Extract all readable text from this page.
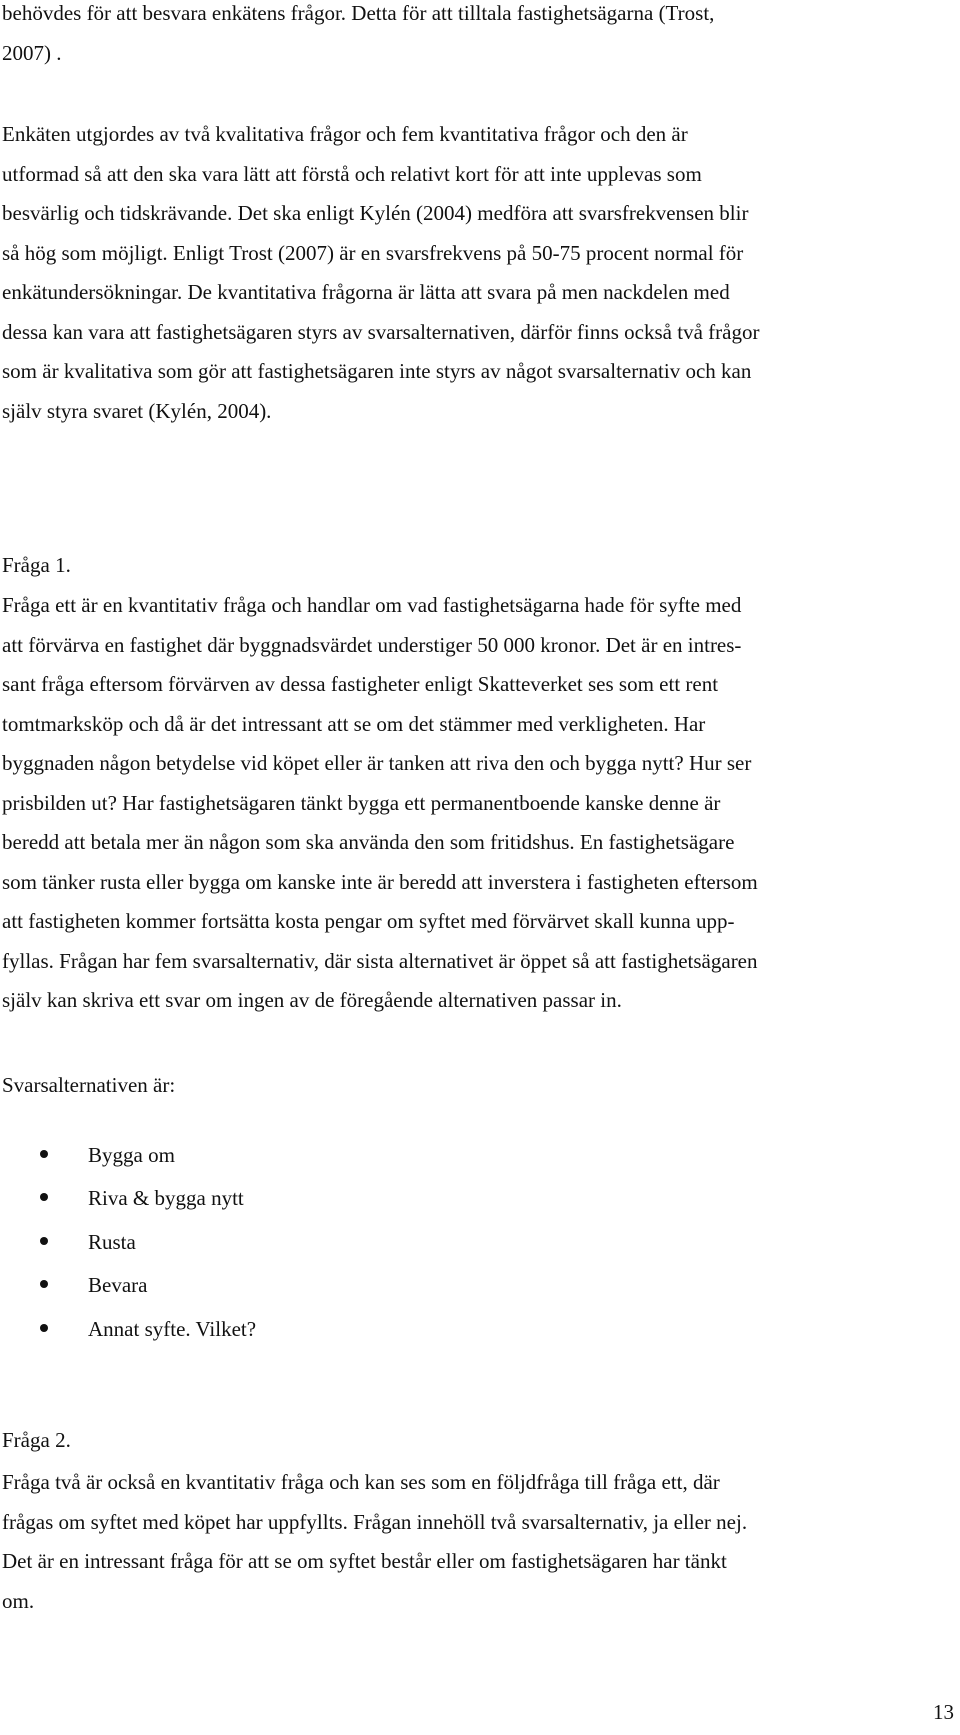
behövdes för att besvara enkätens frågor. Detta för att tilltala fastighetsägarna (Trost,
2007) .

Enkäten utgjordes av två kvalitativa frågor och fem kvantitativa frågor och den är
utformad så att den ska vara lätt att förstå och relativt kort för att inte upplevas som
besvärlig och tidskrävande. Det ska enligt Kylén (2004) medföra att svarsfrekvensen blir
så hög som möjligt. Enligt Trost (2007) är en svarsfrekvens på 50-75 procent normal för
enkätundersökningar. De kvantitativa frågorna är lätta att svara på men nackdelen med
dessa kan vara att fastighetsägaren styrs av svarsalternativen, därför finns också två frågor
som är kvalitativa som gör att fastighetsägaren inte styrs av något svarsalternativ och kan
själv styra svaret (Kylén, 2004).

Fråga 1.

Fråga ett är en kvantitativ fråga och handlar om vad fastighetsägarna hade för syfte med
att förvärva en fastighet där byggnadsvärdet understiger 50 000 kronor. Det är en intres-
sant fråga eftersom förvärven av dessa fastigheter enligt Skatteverket ses som ett rent
tomtmarksköp och då är det intressant att se om det stämmer med verkligheten. Har
byggnaden någon betydelse vid köpet eller är tanken att riva den och bygga nytt? Hur ser
prisbilden ut? Har fastighetsägaren tänkt bygga ett permanentboende kanske denne är
beredd att betala mer än någon som ska använda den som fritidshus. En fastighetsägare
som tänker rusta eller bygga om kanske inte är beredd att inverstera i fastigheten eftersom
att fastigheten kommer fortsätta kosta pengar om syftet med förvärvet skall kunna upp-
fyllas. Frågan har fem svarsalternativ, där sista alternativet är öppet så att fastighetsägaren
själv kan skriva ett svar om ingen av de föregående alternativen passar in.

Svarsalternativen är:
Bygga om
Riva & bygga nytt
Rusta
Bevara
Annat syfte. Vilket?
Fråga 2.

Fråga två är också en kvantitativ fråga och kan ses som en följdfråga till fråga ett, där
frågas om syftet med köpet har uppfyllts. Frågan innehöll två svarsalternativ, ja eller nej.
Det är en intressant fråga för att se om syftet består eller om fastighetsägaren har tänkt
om.

13
